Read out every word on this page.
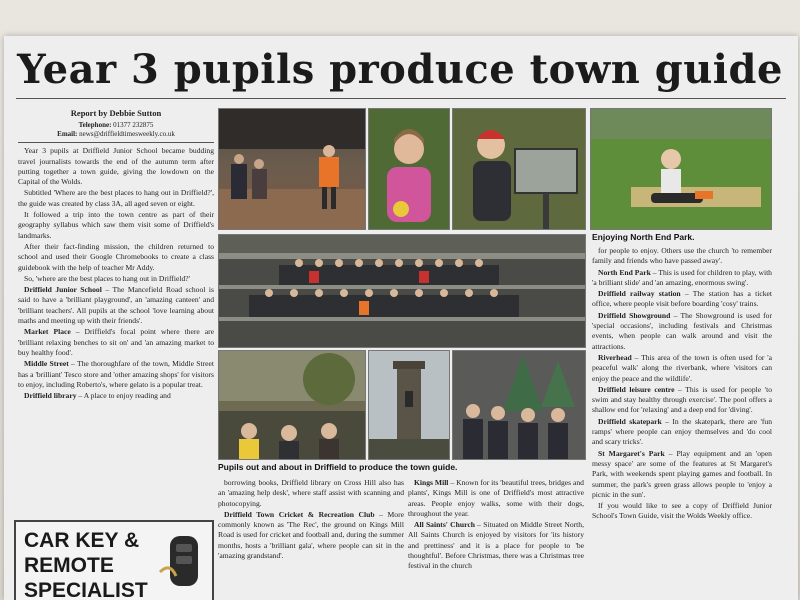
Year 3 pupils produce town guide
Report by Debbie Sutton
Telephone: 01377 232875
Email: news@driffieldtimesweekly.co.uk

Year 3 pupils at Driffield Junior School became budding travel journalists towards the end of the autumn term after putting together a town guide, giving the lowdown on the Capital of the Wolds.

Subtitled 'Where are the best places to hang out in Driffield?', the guide was created by class 3A, all aged seven or eight.

It followed a trip into the town centre as part of their geography syllabus which saw them visit some of Driffield's landmarks.

After their fact-finding mission, the children returned to school and used their Google Chromebooks to create a class guidebook with the help of teacher Mr Addy.

So, 'where are the best places to hang out in Driffield?'

Driffield Junior School – The Mancefield Road school is said to have a 'brilliant playground', an 'amazing canteen' and 'brilliant teachers'. All pupils at the school 'love learning about maths and meeting up with their friends'.

Market Place – Driffield's focal point where there are 'brilliant relaxing benches to sit on' and 'an amazing market to buy healthy food'.

Middle Street – The thoroughfare of the town, Middle Street has a 'brilliant' Tesco store and 'other amazing shops' for visitors to enjoy, including Roberto's, where gelato is a popular treat.

Driffield library – A place to enjoy reading and

Enjoying North End Park.
Pupils out and about in Driffield to produce the town guide.

borrowing books, Driffield library on Cross Hill also has an 'amazing help desk', where staff assist with scanning and photocopying.

Driffield Town Cricket & Recreation Club – More commonly known as 'The Rec', the ground on Kings Mill Road is used for cricket and football and, during the summer months, hosts a 'brilliant gala', where people can sit in the 'amazing grandstand'.

Kings Mill – Known for its 'beautiful trees, bridges and plants', Kings Mill is one of Driffield's most attractive areas. People enjoy walks, some with their dogs, throughout the year.

All Saints' Church – Situated on Middle Street North, All Saints Church is enjoyed by visitors for 'its history and prettiness' and it is a place for people to 'be thoughtful'. Before Christmas, there was a Christmas tree festival in the church

for people to enjoy. Others use the church 'to remember family and friends who have passed away'.

North End Park – This is used for children to play, with 'a brilliant slide' and 'an amazing, enormous swing'.

Driffield railway station – The station has a ticket office, where people visit before boarding 'cosy' trains.

Driffield Showground – The Showground is used for 'special occasions', including festivals and Christmas events, when people can walk around and visit the attractions.

Riverhead – This area of the town is often used for 'a peaceful walk' along the riverbank, where 'visitors can enjoy the peace and the wildlife'.

Driffield leisure centre – This is used for people 'to swim and stay healthy through exercise'. The pool offers a shallow end for 'relaxing' and a deep end for 'diving'.

Driffield skatepark – In the skatepark, there are 'fun ramps' where people can enjoy themselves and 'do cool and scary tricks'.

St Margaret's Park – Play equipment and an 'open messy space' are some of the features at St Margaret's Park, with weekends spent playing games and football. In summer, the park's green grass allows people to 'enjoy a picnic in the sun'.

If you would like to see a copy of Driffield Junior School's Town Guide, visit the Wolds Weekly office.

CAR KEY &
REMOTE
SPECIALIST
